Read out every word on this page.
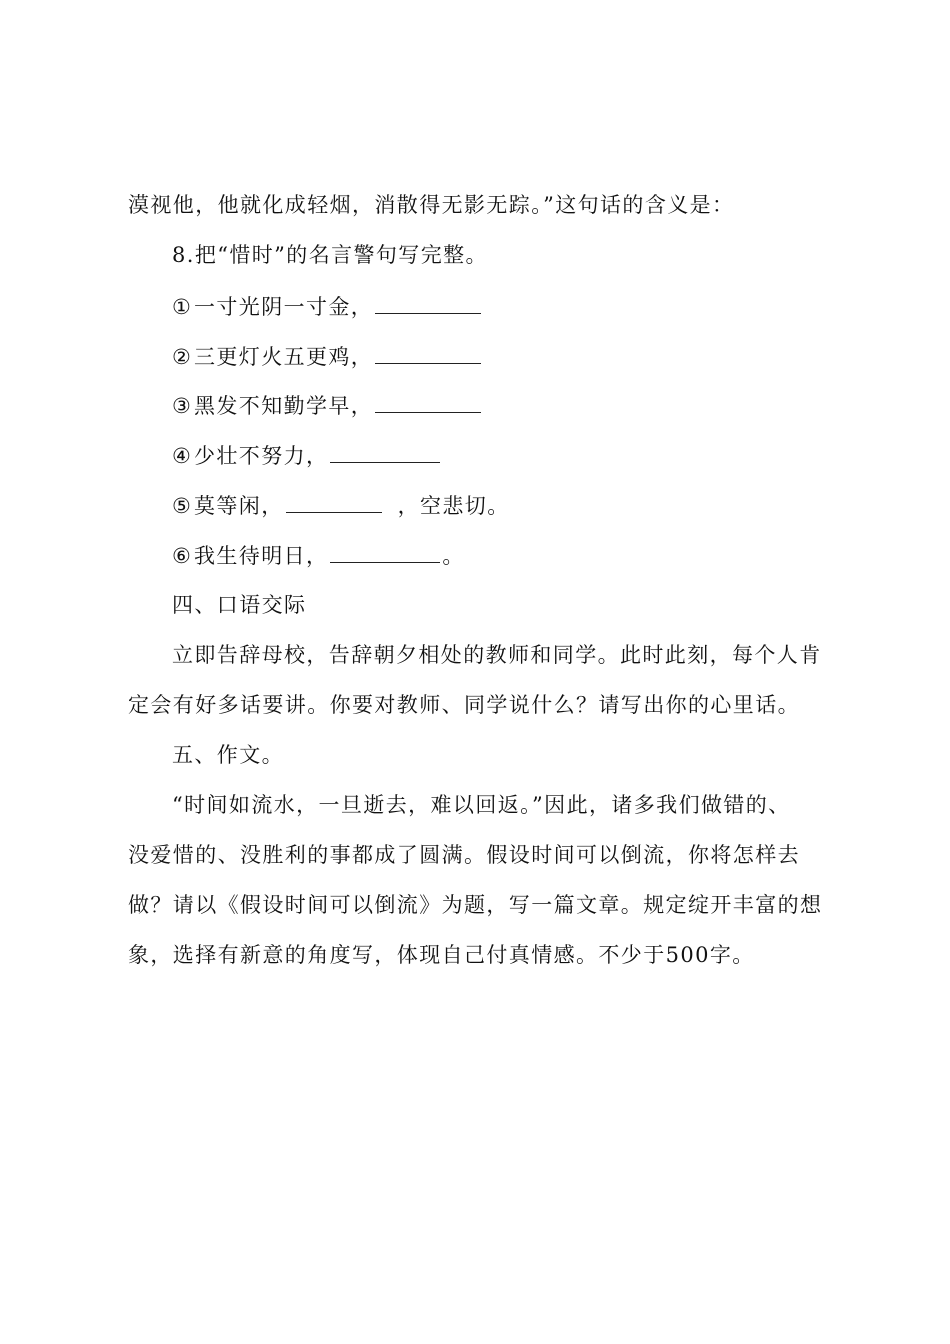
漠视他，他就化成轻烟，消散得无影无踪。”这句话的含义是：
8.把“惜时”的名言警句写完整。
①一寸光阴一寸金，
②三更灯火五更鸡，
③黑发不知勤学早，
④少壮不努力，
⑤莫等闲，	，空悲切。
⑥我生待明日，	。
四、口语交际
立即告辞母校，告辞朝夕相处的教师和同学。此时此刻，每个人肯
定会有好多话要讲。你要对教师、同学说什么？请写出你的心里话。
五、作文。
“时间如流水，一旦逝去，难以回返。”因此，诸多我们做错的、
没爱惜的、没胜利的事都成了圆满。假设时间可以倒流，你将怎样去
做？请以《假设时间可以倒流》为题，写一篇文章。规定绽开丰富的想
象，选择有新意的角度写，体现自己付真情感。不少于500字。
